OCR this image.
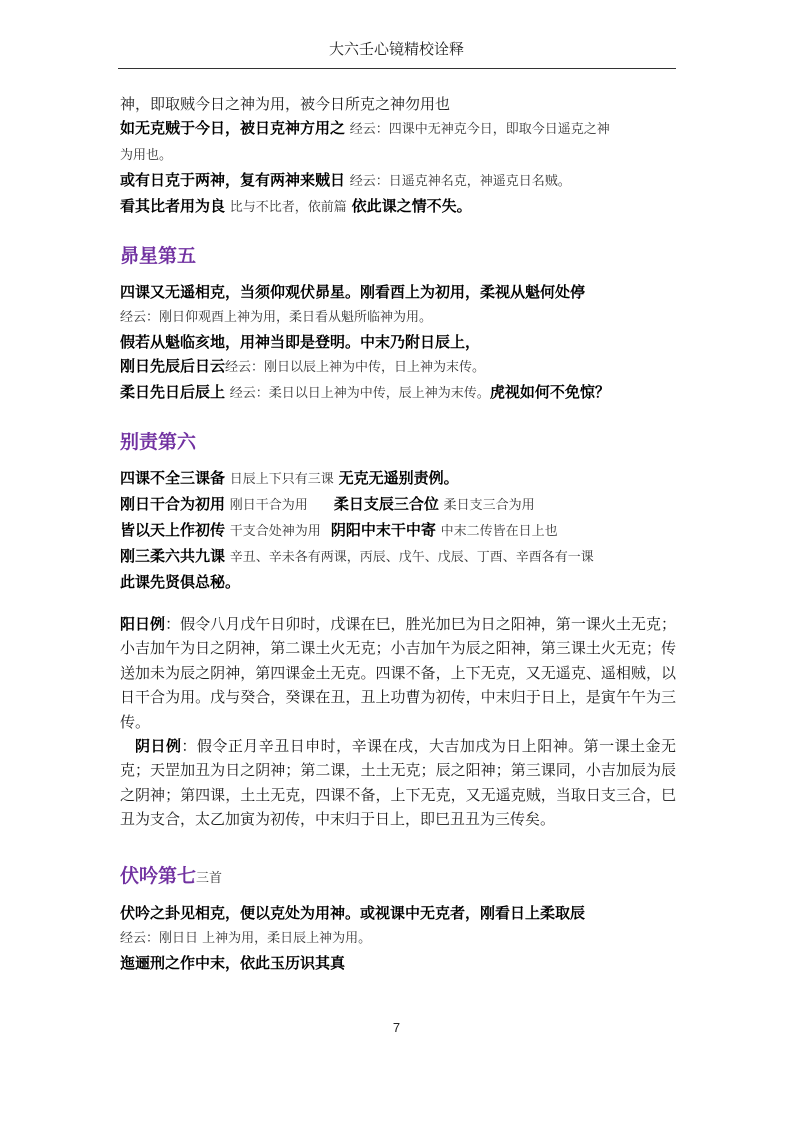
大六壬心镜精校诠释
神，即取贼今日之神为用，被今日所克之神勿用也
如无克贼于今日，被日克神方用之 经云：四课中无神克今日，即取今日遥克之神
为用也。
或有日克于两神，复有两神来贼日 经云：日遥克神名克，神遥克日名贼。
看其比者用为良 比与不比者，依前篇 依此课之情不失。
昴星第五
四课又无遥相克，当须仰观伏昴星。刚看酉上为初用，柔视从魁何处停
经云：刚日仰观酉上神为用，柔日看从魁所临神为用。
假若从魁临亥地，用神当即是登明。中末乃附日辰上，
刚日先辰后日云经云：刚日以辰上神为中传，日上神为末传。
柔日先日后辰上 经云：柔日以日上神为中传，辰上神为末传。虎视如何不免惊？
别责第六
四课不全三课备 日辰上下只有三课 无克无遥别责例。
刚日干合为初用 刚日干合为用 柔日支辰三合位 柔日支三合为用
皆以天上作初传 干支合处神为用 阴阳中末干中寄 中末二传皆在日上也
刚三柔六共九课 辛丑、辛未各有两课，丙辰、戊午、戊辰、丁酉、辛酉各有一课
此课先贤俱总秘。

阳日例：假令八月戊午日卯时，戊课在巳，胜光加巳为日之阳神，第一课火土无克；小吉加午为日之阴神，第二课土火无克；小吉加午为辰之阳神，第三课土火无克；传送加未为辰之阴神，第四课金土无克。四课不备，上下无克，又无遥克、遥相贼，以日干合为用。戊与癸合，癸课在丑，丑上功曹为初传，中末归于日上，是寅午午为三传。

阴日例：假令正月辛丑日申时，辛课在戌，大吉加戌为日上阳神。第一课土金无克；天罡加丑为日之阴神；第二课，土土无克；辰之阳神；第三课同，小吉加辰为辰之阴神；第四课，土土无克，四课不备，上下无克，又无遥克贼，当取日支三合，巳丑为支合，太乙加寅为初传，中末归于日上，即巳丑丑为三传矣。

伏吟第七三首
伏吟之卦见相克，便以克处为用神。或视课中无克者，刚看日上柔取辰
经云：刚日日 上神为用，柔日辰上神为用。
迤逦刑之作中末，依此玉历识其真
7
